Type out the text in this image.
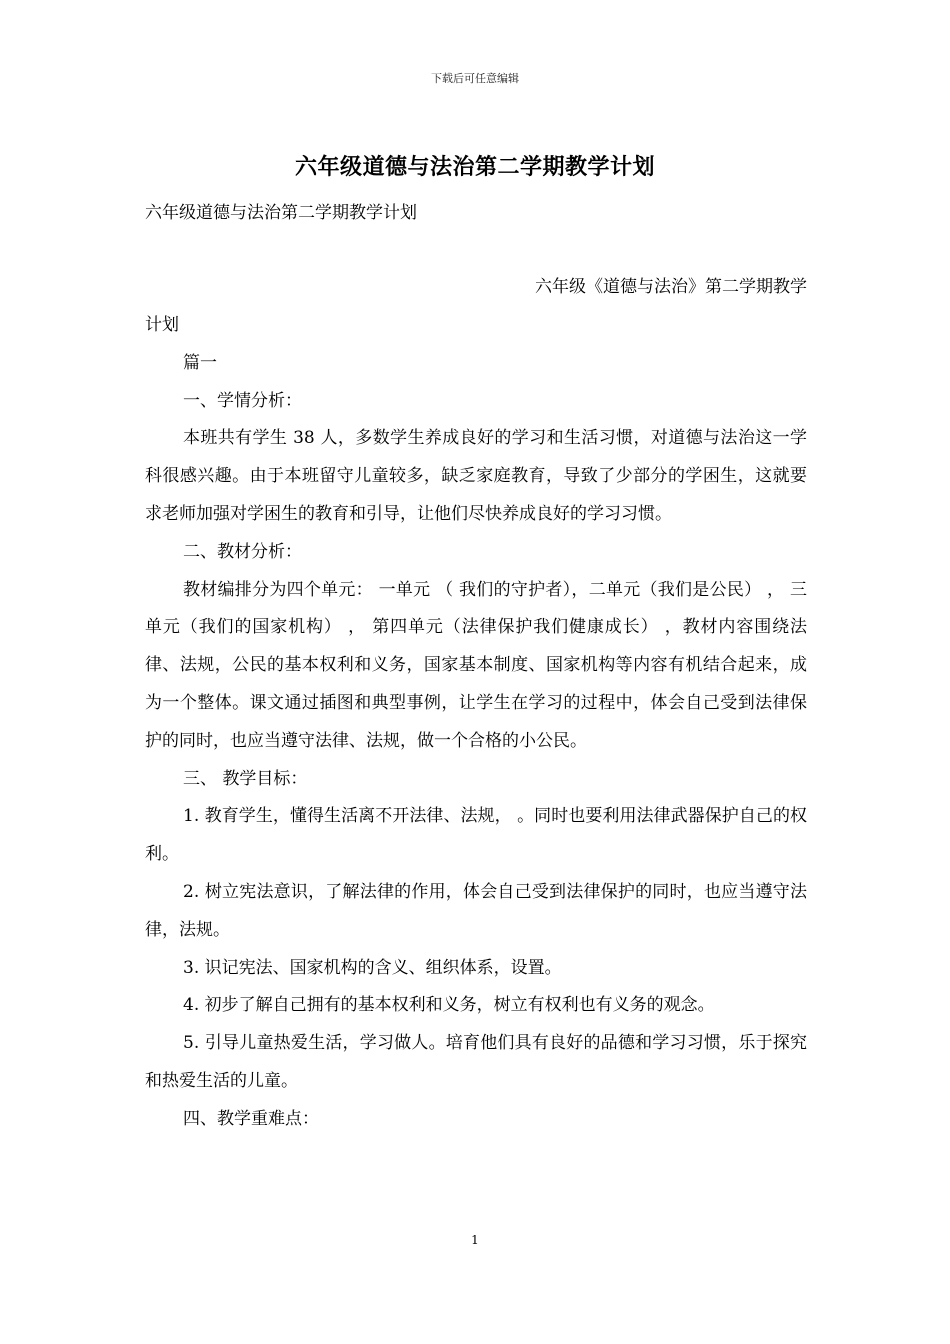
下载后可任意编辑
六年级道德与法治第二学期教学计划
六年级道德与法治第二学期教学计划
六年级《道德与法治》第二学期教学

计划

篇一

一、学情分析：

本班共有学生 38 人，多数学生养成良好的学习和生活习惯，对道德与法治这一学科很感兴趣。由于本班留守儿童较多，缺乏家庭教育，导致了少部分的学困生，这就要求老师加强对学困生的教育和引导，让他们尽快养成良好的学习习惯。

二、教材分析：

教材编排分为四个单元： 一单元 （ 我们的守护者），二单元（我们是公民） ， 三单元（我们的国家机构） ， 第四单元（法律保护我们健康成长） ，教材内容围绕法律、法规，公民的基本权利和义务，国家基本制度、国家机构等内容有机结合起来，成为一个整体。课文通过插图和典型事例，让学生在学习的过程中，体会自己受到法律保护的同时，也应当遵守法律、法规，做一个合格的小公民。

三、 教学目标：

1. 教育学生，懂得生活离不开法律、法规， 。同时也要利用法律武器保护自己的权利。

2. 树立宪法意识，了解法律的作用，体会自己受到法律保护的同时，也应当遵守法律，法规。

3. 识记宪法、国家机构的含义、组织体系，设置。

4. 初步了解自己拥有的基本权利和义务，树立有权利也有义务的观念。

5. 引导儿童热爱生活，学习做人。培育他们具有良好的品德和学习习惯，乐于探究和热爱生活的儿童。

四、教学重难点：

1
